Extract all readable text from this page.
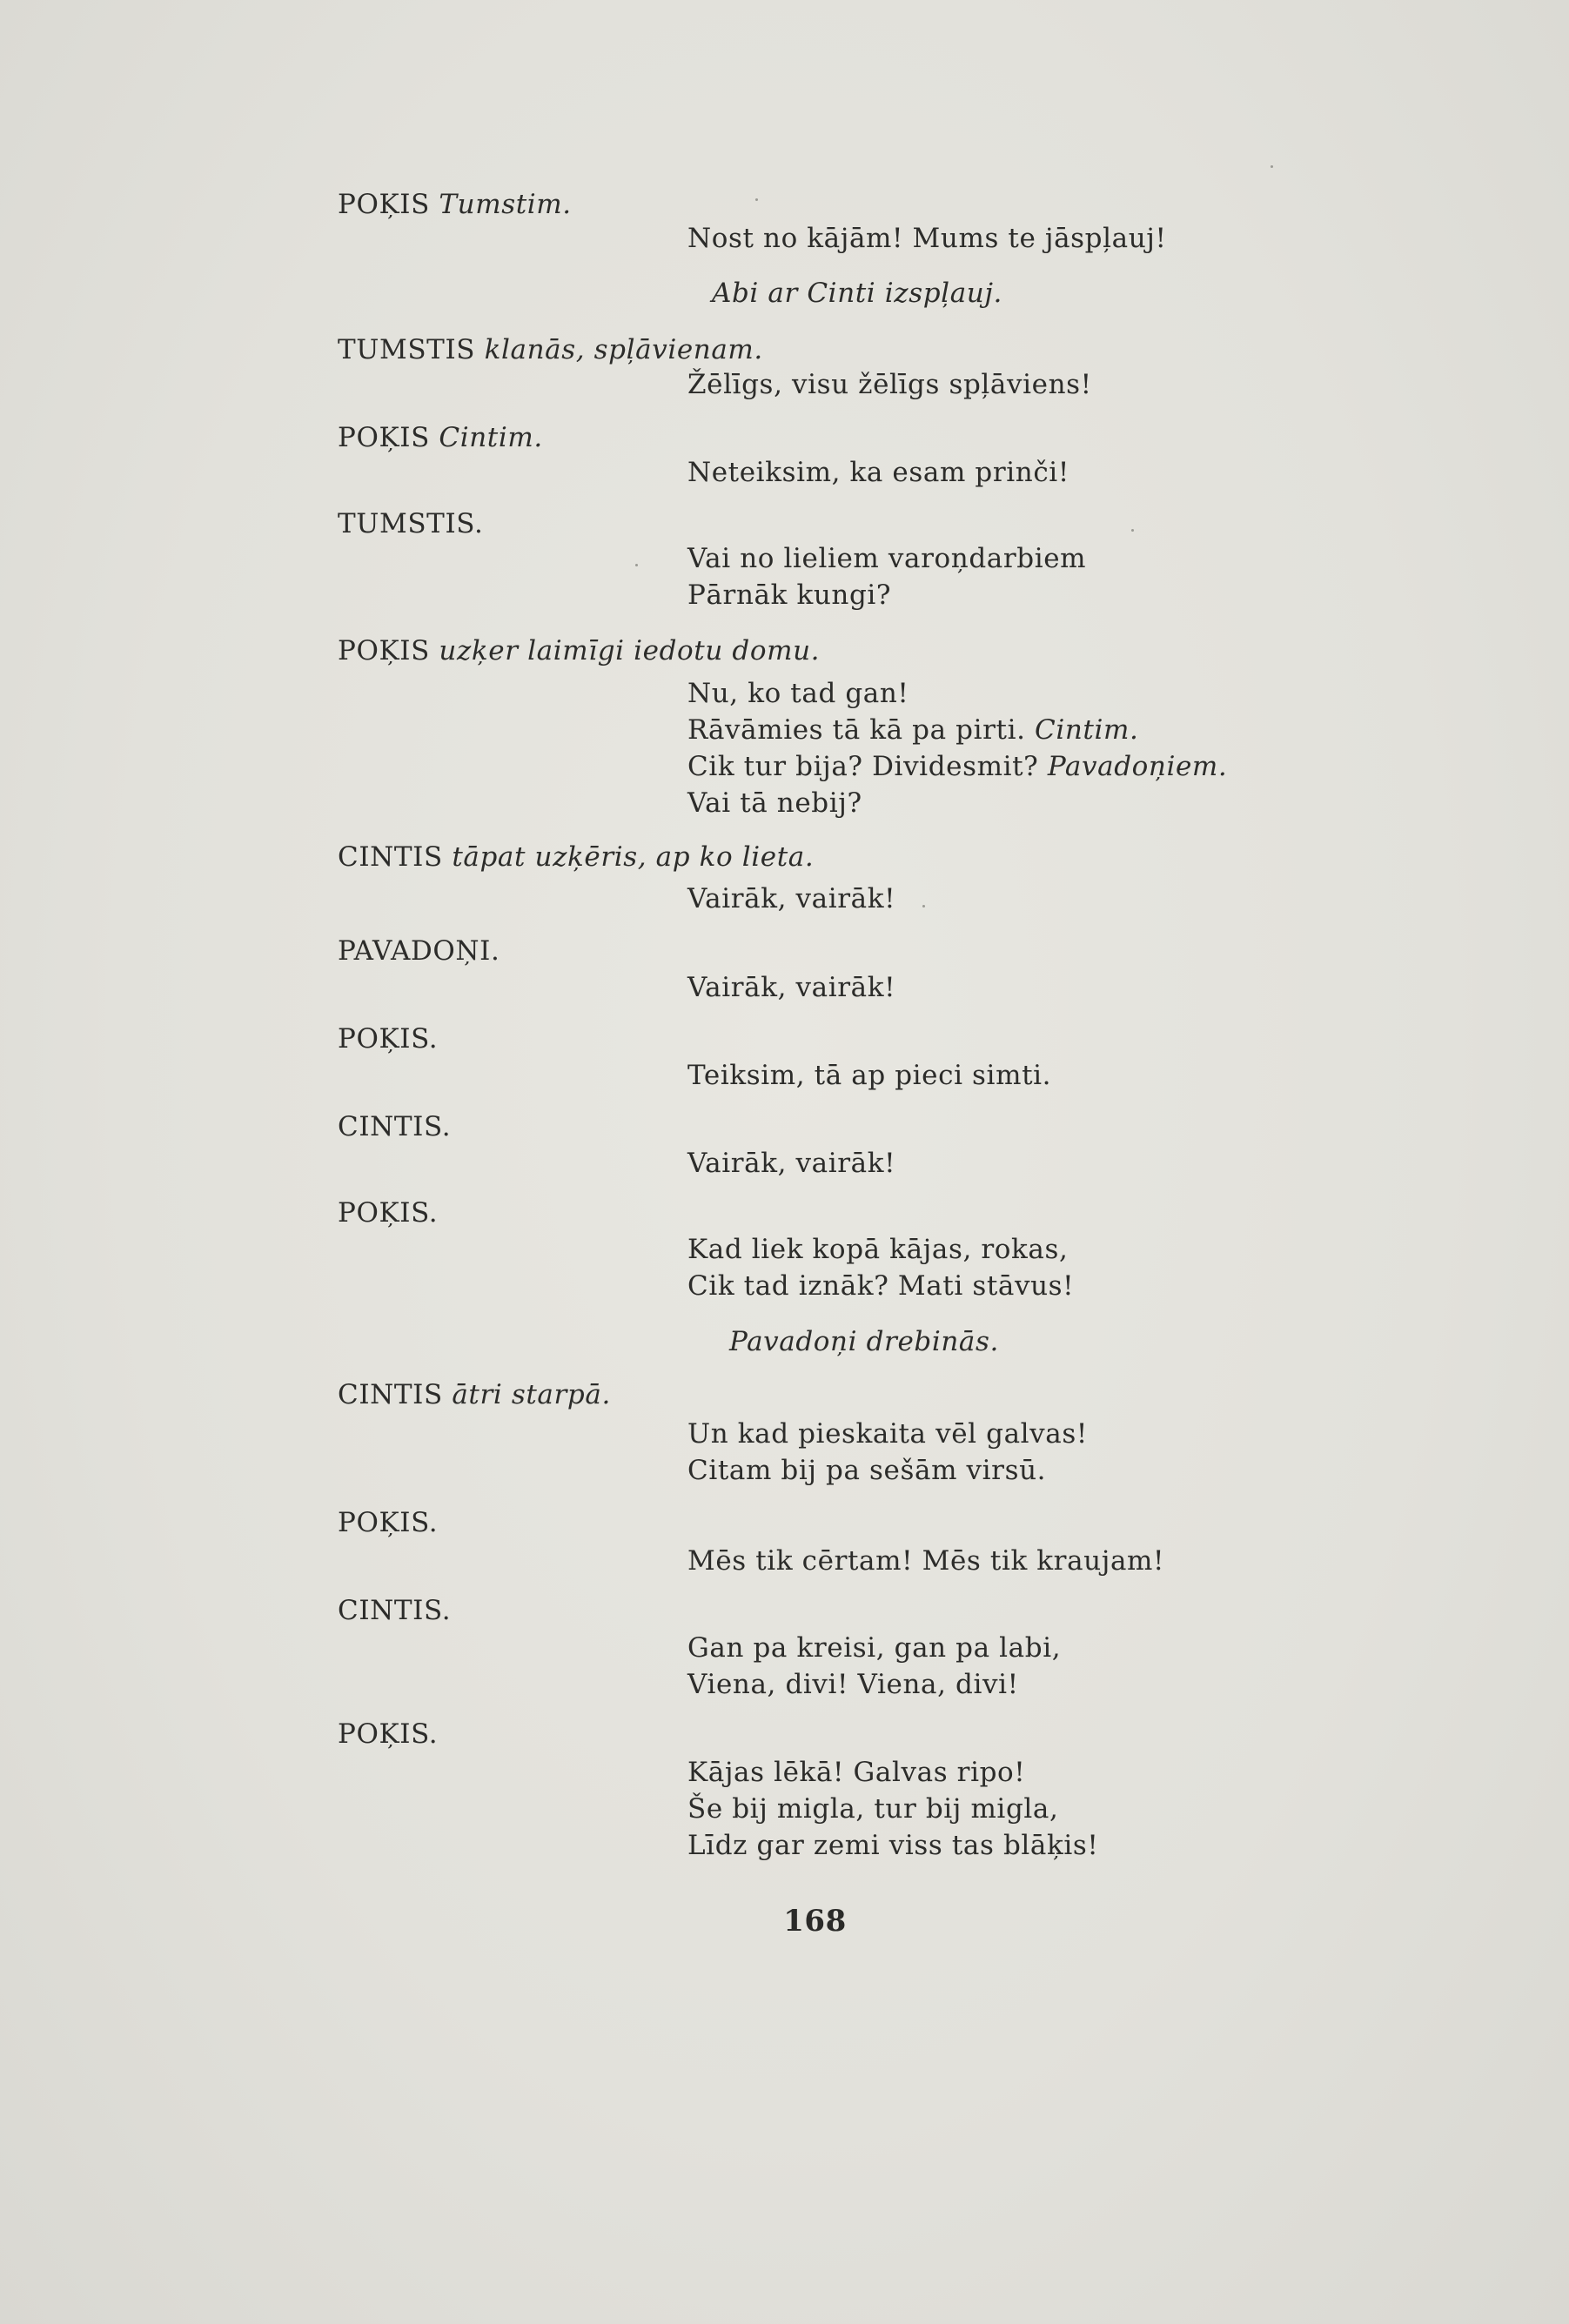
POĶIS Tumstim.

Nost no kājām! Mums te jāspļauj!

Abi ar Cinti izspļauj.

TUMSTIS klanās, spļāvienam.

Žēlīgs, visu žēlīgs spļāviens!

POĶIS Cintim.

Neteiksim, ka esam prinči!

TUMSTIS.

Vai no lieliem varoņdarbiem

Pārnāk kungi?

POĶIS uzķer laimīgi iedotu domu.

Nu, ko tad gan!

Rāvāmies tā kā pa pirti. Cintim.

Cik tur bija? Dividesmit? Pavadoņiem.

Vai tā nebij?

CINTIS tāpat uzķēris, ap ko lieta.

Vairāk, vairāk!

PAVADOŅI.

Vairāk, vairāk!

POĶIS.

Teiksim, tā ap pieci simti.

CINTIS.

Vairāk, vairāk!

POĶIS.

Kad liek kopā kājas, rokas,

Cik tad iznāk? Mati stāvus!

Pavadoņi drebinās.

CINTIS ātri starpā.

Un kad pieskaita vēl galvas!

Citam bij pa sešām virsū.

POĶIS.

Mēs tik cērtam! Mēs tik kraujam!

CINTIS.

Gan pa kreisi, gan pa labi,

Viena, divi! Viena, divi!

POĶIS.

Kājas lēkā! Galvas ripo!

Še bij migla, tur bij migla,

Līdz gar zemi viss tas blāķis!

168
